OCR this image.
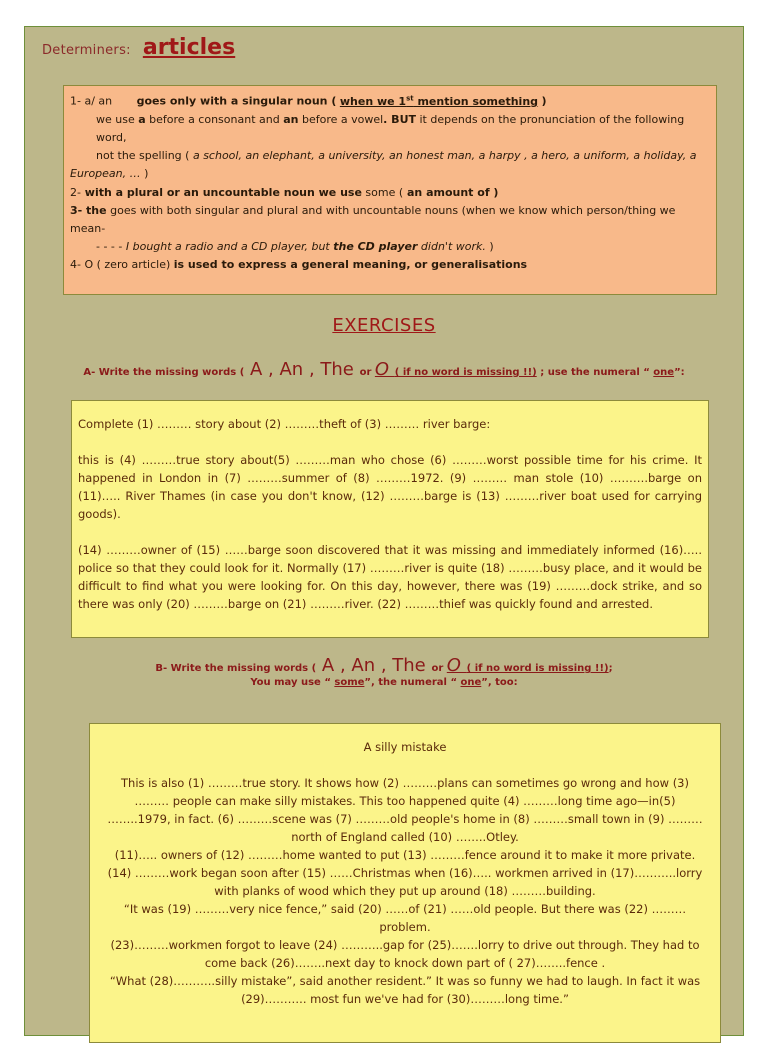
Determiners: articles

1- a/ an goes only with a singular noun ( when we 1st mention something )

we use a before a consonant and an before a vowel. BUT it depends on the pronunciation of the following word,

not the spelling ( a school, an elephant, a university, an honest man, a harpy , a hero, a uniform, a holiday, a European, … )

2- with a plural or an uncountable noun we use some ( an amount of )

3- the goes with both singular and plural and with uncountable nouns (when we know which person/thing we mean-

- - - - I bought a radio and a CD player, but the CD player didn't work. )

4- O ( zero article) is used to express a general meaning, or generalisations

EXERCISES
A- Write the missing words ( A , An , The or O ( if no word is missing !!) ; use the numeral “ one”:

Complete (1) ……… story about (2) ………theft of (3) ……… river barge:

this is (4) ………true story about(5) ………man who chose (6) ………worst possible time for his crime. It happened in London in (7) ………summer of (8) ………1972. (9) ……… man stole (10) ……….barge on (11)….. River Thames (in case you don't know, (12) ………barge is (13) ………river boat used for carrying goods).

(14) ………owner of (15) ……barge soon discovered that it was missing and immediately informed (16)….. police so that they could look for it. Normally (17) ………river is quite (18) ………busy place, and it would be difficult to find what you were looking for. On this day, however, there was (19) ………dock strike, and so there was only (20) ………barge on (21) ………river. (22) ………thief was quickly found and arrested.

B- Write the missing words ( A , An , The or O ( if no word is missing !!);
You may use “ some”, the numeral “ one”, too:

A silly mistake

This is also (1) ………true story. It shows how (2) ………plans can sometimes go wrong and how (3) ……… people can make silly mistakes. This too happened quite (4) ………long time ago—in(5) ……..1979, in fact. (6) ………scene was (7) ………old people's home in (8) ………small town in (9) ……… north of England called (10) ……..Otley.

(11)….. owners of (12) ………home wanted to put (13) ………fence around it to make it more private. (14) ………work began soon after (15) ……Christmas when (16)….. workmen arrived in (17)………..lorry with planks of wood which they put up around (18) ………building.

“It was (19) ………very nice fence,” said (20) ……of (21) ……old people. But there was (22) ……… problem.

(23)………workmen forgot to leave (24) ………..gap for (25)…….lorry to drive out through. They had to come back (26)……..next day to knock down part of ( 27)……..fence .

“What (28)………..silly mistake”, said another resident.” It was so funny we had to laugh. In fact it was (29)……….. most fun we've had for (30)………long time.”
